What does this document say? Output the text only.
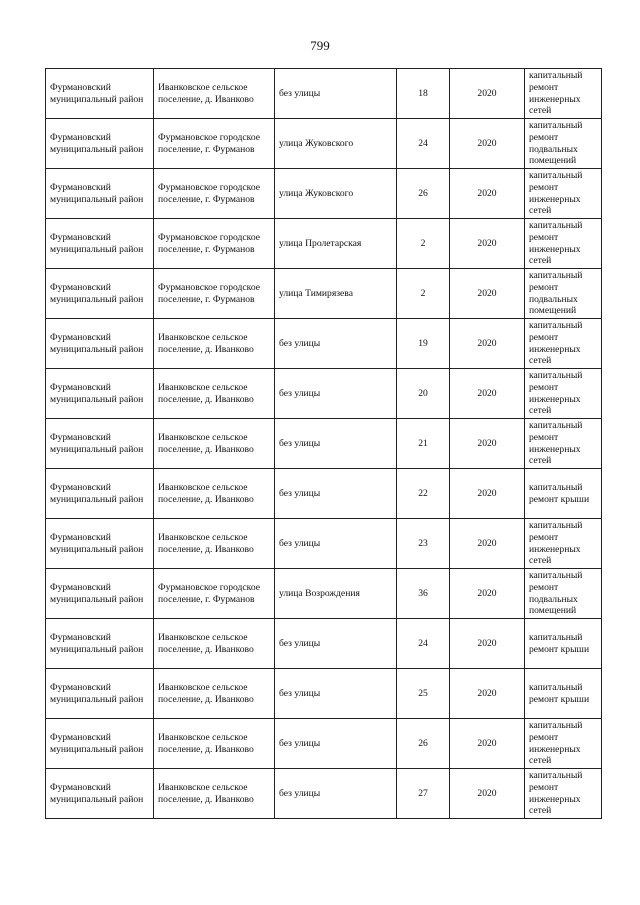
799
Фурмановский муниципальный район	Иванковское сельское поселение, д. Иванково	без улицы	18	2020	капитальный ремонт инженерных сетей
Фурмановский муниципальный район	Фурмановское городское поселение, г. Фурманов	улица Жуковского	24	2020	капитальный ремонт подвальных помещений
Фурмановский муниципальный район	Фурмановское городское поселение, г. Фурманов	улица Жуковского	26	2020	капитальный ремонт инженерных сетей
Фурмановский муниципальный район	Фурмановское городское поселение, г. Фурманов	улица Пролетарская	2	2020	капитальный ремонт инженерных сетей
Фурмановский муниципальный район	Фурмановское городское поселение, г. Фурманов	улица Тимирязева	2	2020	капитальный ремонт подвальных помещений
Фурмановский муниципальный район	Иванковское сельское поселение, д. Иванково	без улицы	19	2020	капитальный ремонт инженерных сетей
Фурмановский муниципальный район	Иванковское сельское поселение, д. Иванково	без улицы	20	2020	капитальный ремонт инженерных сетей
Фурмановский муниципальный район	Иванковское сельское поселение, д. Иванково	без улицы	21	2020	капитальный ремонт инженерных сетей
Фурмановский муниципальный район	Иванковское сельское поселение, д. Иванково	без улицы	22	2020	капитальный ремонт крыши
Фурмановский муниципальный район	Иванковское сельское поселение, д. Иванково	без улицы	23	2020	капитальный ремонт инженерных сетей
Фурмановский муниципальный район	Фурмановское городское поселение, г. Фурманов	улица Возрождения	36	2020	капитальный ремонт подвальных помещений
Фурмановский муниципальный район	Иванковское сельское поселение, д. Иванково	без улицы	24	2020	капитальный ремонт крыши
Фурмановский муниципальный район	Иванковское сельское поселение, д. Иванково	без улицы	25	2020	капитальный ремонт крыши
Фурмановский муниципальный район	Иванковское сельское поселение, д. Иванково	без улицы	26	2020	капитальный ремонт инженерных сетей
Фурмановский муниципальный район	Иванковское сельское поселение, д. Иванково	без улицы	27	2020	капитальный ремонт инженерных сетей
